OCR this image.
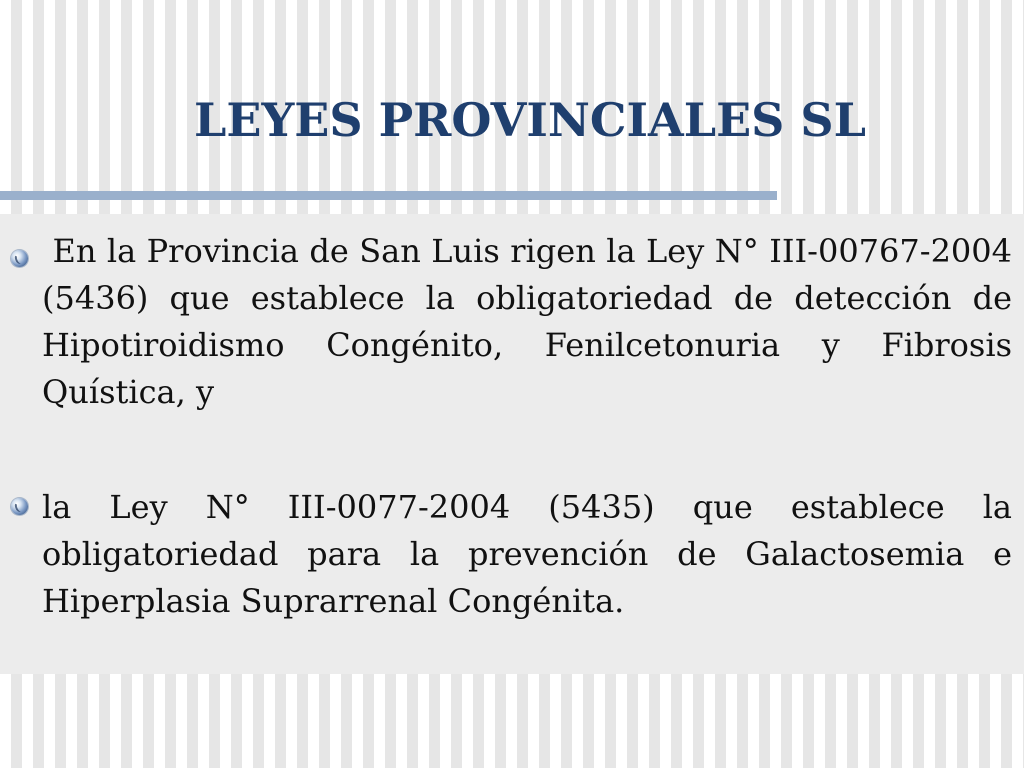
LEYES PROVINCIALES SL

En la Provincia de San Luis rigen la Ley N° III-00767-2004 (5436) que establece la obligatoriedad de detección de Hipotiroidismo Congénito, Fenilcetonuria y Fibrosis Quística, y

la Ley N° III-0077-2004 (5435) que establece la obligatoriedad para la prevención de Galactosemia e Hiperplasia Suprarrenal Congénita.
